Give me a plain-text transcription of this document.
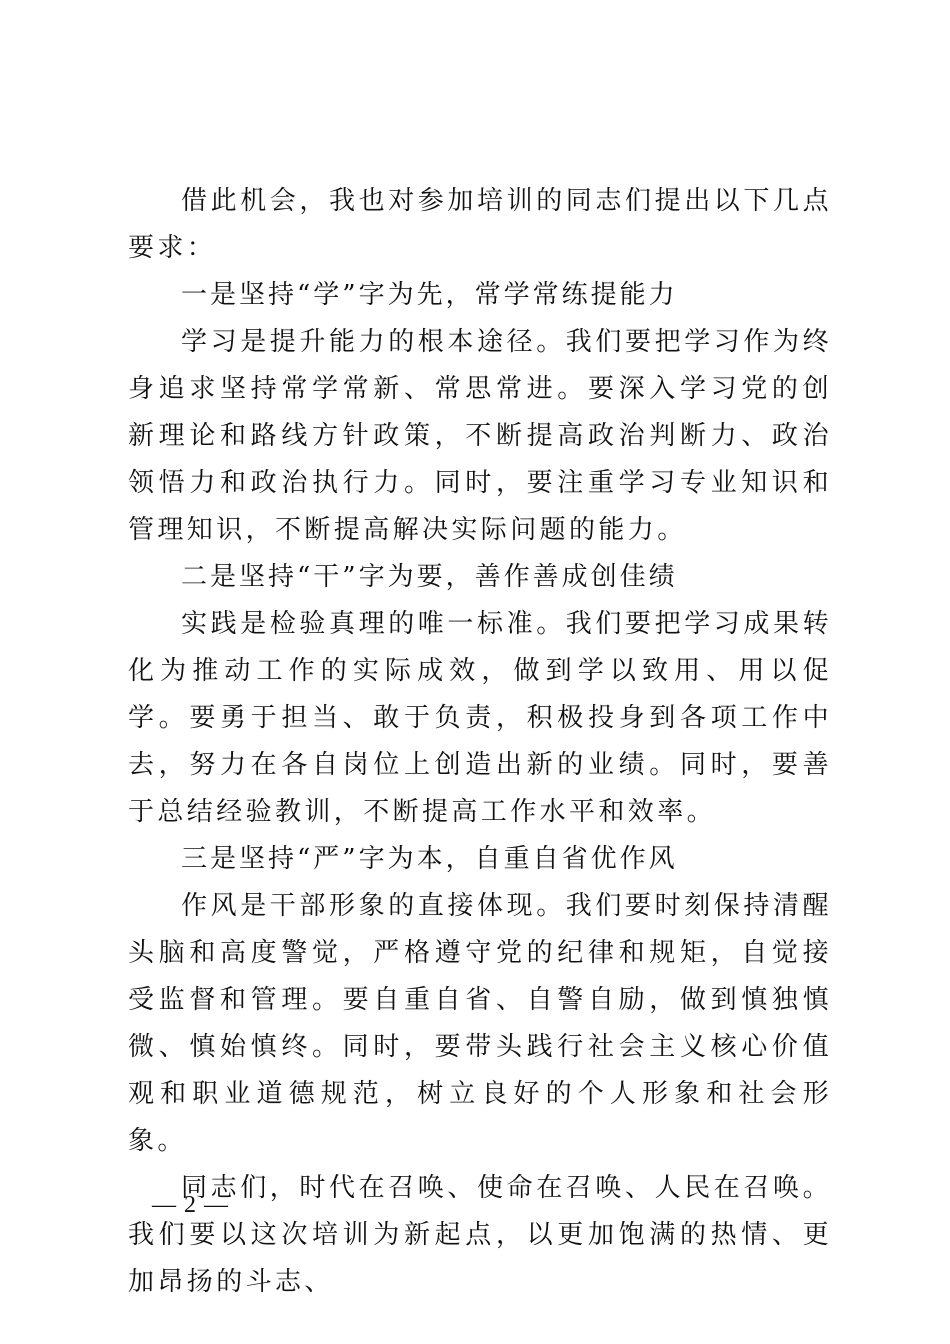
借此机会，我也对参加培训的同志们提出以下几点要求：

一是坚持“学”字为先，常学常练提能力

学习是提升能力的根本途径。我们要把学习作为终身追求坚持常学常新、常思常进。要深入学习党的创新理论和路线方针政策，不断提高政治判断力、政治领悟力和政治执行力。同时，要注重学习专业知识和管理知识，不断提高解决实际问题的能力。

二是坚持“干”字为要，善作善成创佳绩

实践是检验真理的唯一标准。我们要把学习成果转化为推动工作的实际成效，做到学以致用、用以促学。要勇于担当、敢于负责，积极投身到各项工作中去，努力在各自岗位上创造出新的业绩。同时，要善于总结经验教训，不断提高工作水平和效率。

三是坚持“严”字为本，自重自省优作风

作风是干部形象的直接体现。我们要时刻保持清醒头脑和高度警觉，严格遵守党的纪律和规矩，自觉接受监督和管理。要自重自省、自警自励，做到慎独慎微、慎始慎终。同时，要带头践行社会主义核心价值观和职业道德规范，树立良好的个人形象和社会形象。

同志们，时代在召唤、使命在召唤、人民在召唤。我们要以这次培训为新起点，以更加饱满的热情、更加昂扬的斗志、

— 2 —
